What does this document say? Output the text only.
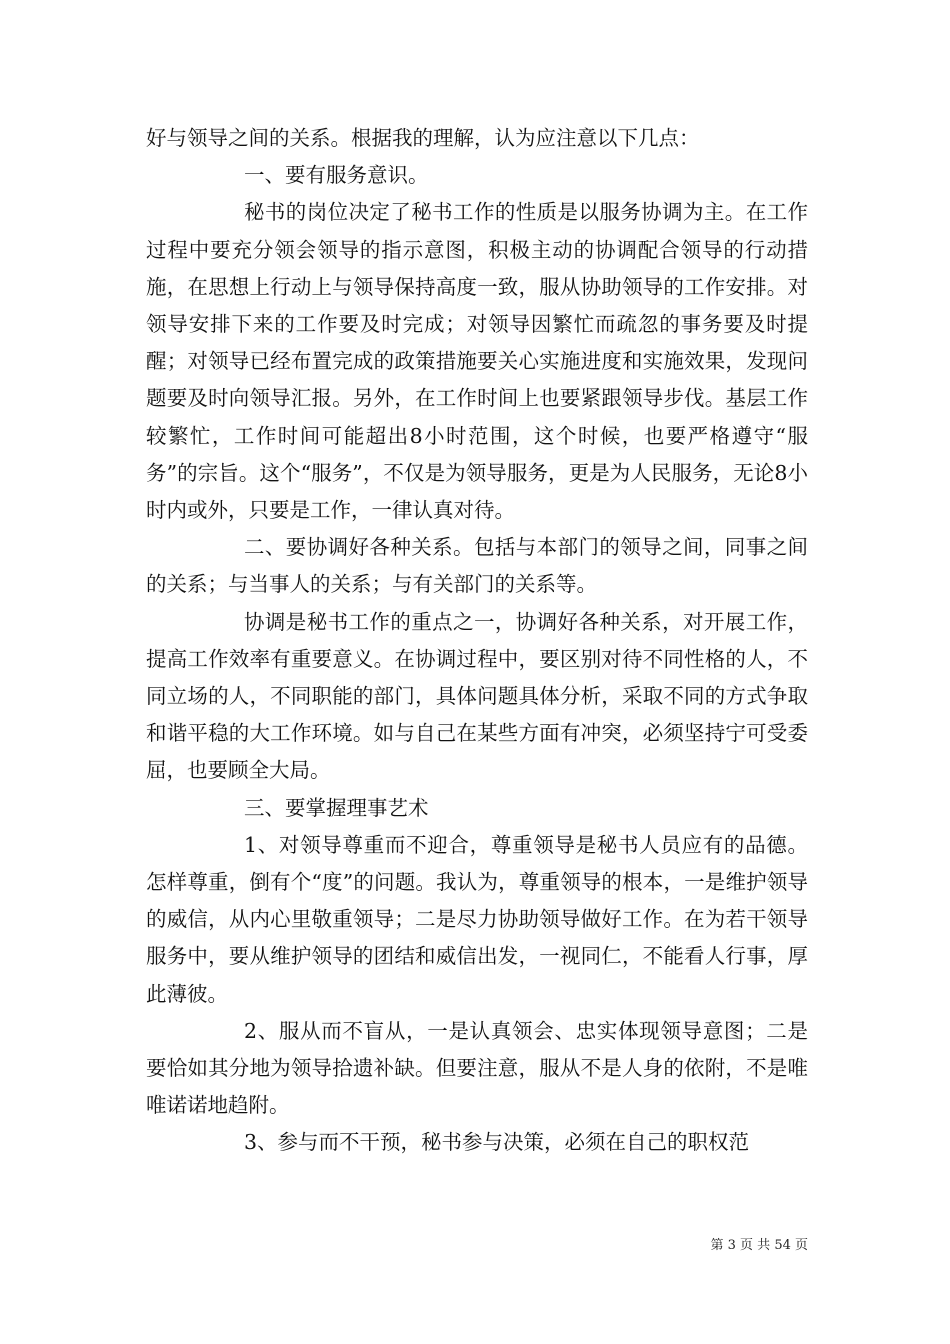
好与领导之间的关系。根据我的理解，认为应注意以下几点：

一、要有服务意识。

秘书的岗位决定了秘书工作的性质是以服务协调为主。在工作过程中要充分领会领导的指示意图，积极主动的协调配合领导的行动措施，在思想上行动上与领导保持高度一致，服从协助领导的工作安排。对领导安排下来的工作要及时完成；对领导因繁忙而疏忽的事务要及时提醒；对领导已经布置完成的政策措施要关心实施进度和实施效果，发现问题要及时向领导汇报。另外，在工作时间上也要紧跟领导步伐。基层工作较繁忙，工作时间可能超出8小时范围，这个时候，也要严格遵守“服务”的宗旨。这个“服务”，不仅是为领导服务，更是为人民服务，无论8小时内或外，只要是工作，一律认真对待。

二、要协调好各种关系。包括与本部门的领导之间，同事之间的关系；与当事人的关系；与有关部门的关系等。

协调是秘书工作的重点之一，协调好各种关系，对开展工作，提高工作效率有重要意义。在协调过程中，要区别对待不同性格的人，不同立场的人，不同职能的部门，具体问题具体分析，采取不同的方式争取和谐平稳的大工作环境。如与自己在某些方面有冲突，必须坚持宁可受委屈，也要顾全大局。

三、要掌握理事艺术

1、对领导尊重而不迎合，尊重领导是秘书人员应有的品德。怎样尊重，倒有个“度”的问题。我认为，尊重领导的根本，一是维护领导的威信，从内心里敬重领导；二是尽力协助领导做好工作。在为若干领导服务中，要从维护领导的团结和威信出发，一视同仁，不能看人行事，厚此薄彼。

2、服从而不盲从，一是认真领会、忠实体现领导意图；二是要恰如其分地为领导拾遗补缺。但要注意，服从不是人身的依附，不是唯唯诺诺地趋附。

3、参与而不干预，秘书参与决策，必须在自己的职权范

第 3 页 共 54 页
